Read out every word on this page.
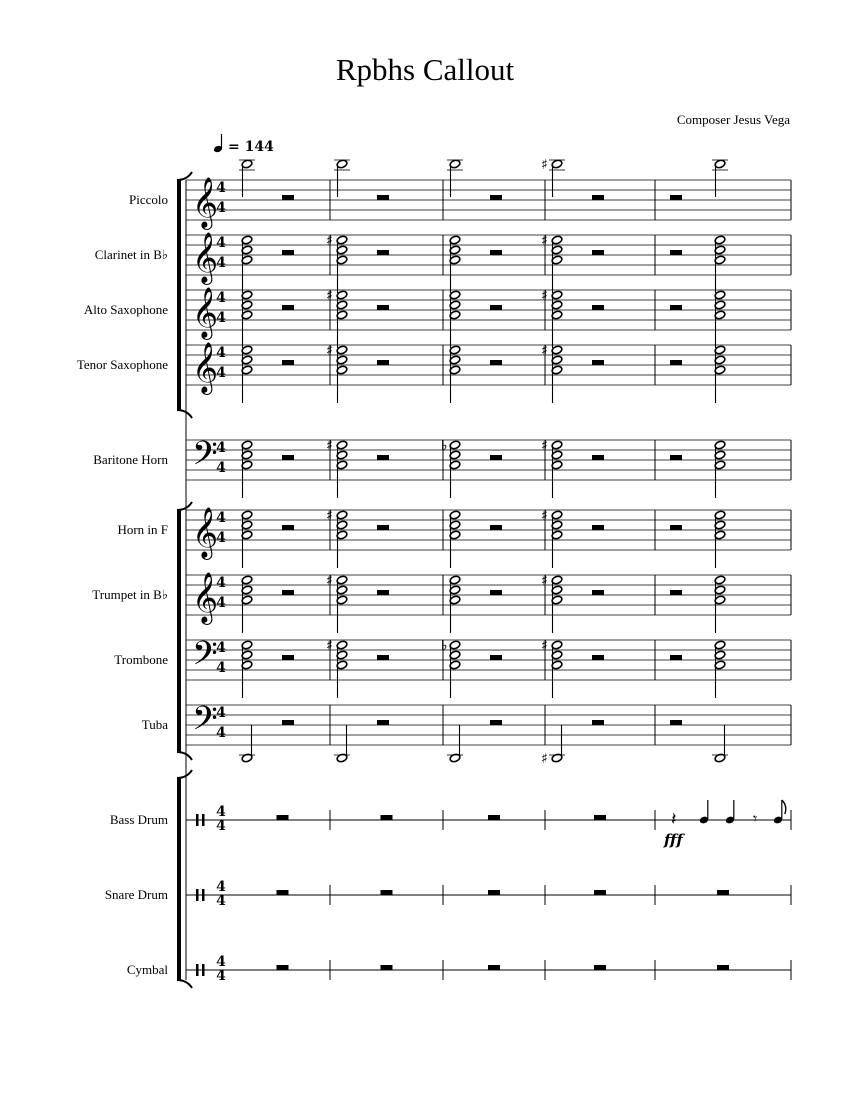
Rpbhs Callout
Composer Jesus Vega
= 144
Piccolo 𝄞
4
4
♯
Clarinet in B♭ 𝄞
4
4
♯	♯
Alto Saxophone 𝄞
4
4
♯	♯
Tenor Saxophone 𝄞
4
4
♯	♯
Baritone Horn 𝄢
4
4
♯	♭	♯
Horn in F 𝄞
4
4
♯	♯
Trumpet in B♭ 𝄞
4
4
♯	♯
Trombone 𝄢
4
4
♯	♭	♯
Tuba 𝄢
4
4
♯
Bass Drum	4
4	𝄽	𝄾
fff
Snare Drum	4
4
Cymbal	4
4
